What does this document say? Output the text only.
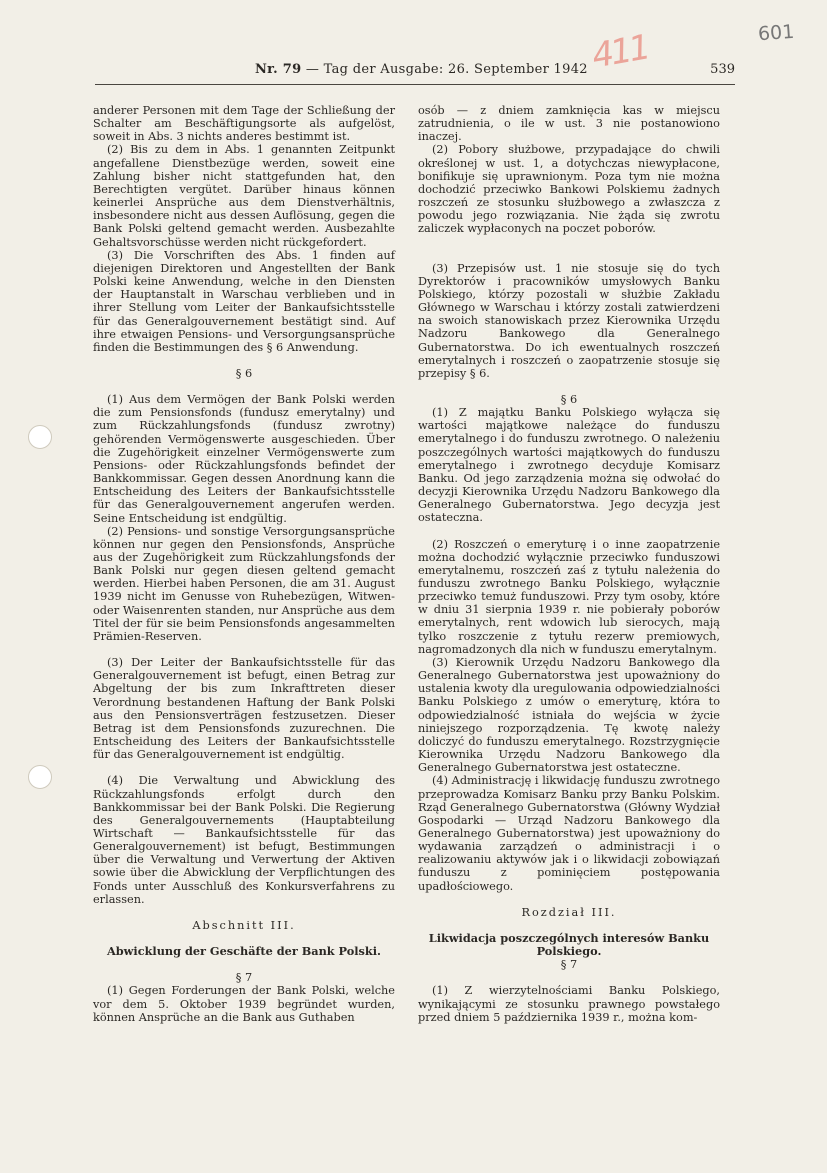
411	601
Nr. 79 — Tag der Ausgabe: 26. September 1942	539

anderer Personen mit dem Tage der Schließung der Schalter am Beschäftigungsorte als aufgelöst, soweit in Abs. 3 nichts anderes bestimmt ist.

(2) Bis zu dem in Abs. 1 genannten Zeitpunkt angefallene Dienstbezüge werden, soweit eine Zahlung bisher nicht stattgefunden hat, den Berechtigten vergütet. Darüber hinaus können keinerlei Ansprüche aus dem Dienstverhältnis, insbesondere nicht aus dessen Auflösung, gegen die Bank Polski geltend gemacht werden. Ausbezahlte Gehaltsvorschüsse werden nicht rückgefordert.

(3) Die Vorschriften des Abs. 1 finden auf diejenigen Direktoren und Angestellten der Bank Polski keine Anwendung, welche in den Diensten der Hauptanstalt in Warschau verblieben und in ihrer Stellung vom Leiter der Bankaufsichtsstelle für das Generalgouvernement bestätigt sind. Auf ihre etwaigen Pensions- und Versorgungsansprüche finden die Bestimmungen des § 6 Anwendung.

§ 6

(1) Aus dem Vermögen der Bank Polski werden die zum Pensionsfonds (fundusz emerytalny) und zum Rückzahlungsfonds (fundusz zwrotny) gehörenden Vermögenswerte ausgeschieden. Über die Zugehörigkeit einzelner Vermögenswerte zum Pensions- oder Rückzahlungsfonds befindet der Bankkommissar. Gegen dessen Anordnung kann die Entscheidung des Leiters der Bankaufsichtsstelle für das Generalgouvernement angerufen werden. Seine Entscheidung ist endgültig.

(2) Pensions- und sonstige Versorgungsansprüche können nur gegen den Pensionsfonds, Ansprüche aus der Zugehörigkeit zum Rückzahlungsfonds der Bank Polski nur gegen diesen geltend gemacht werden. Hierbei haben Personen, die am 31. August 1939 nicht im Genusse von Ruhebezügen, Witwen- oder Waisenrenten standen, nur Ansprüche aus dem Titel der für sie beim Pensionsfonds angesammelten Prämien-Reserven.

(3) Der Leiter der Bankaufsichtsstelle für das Generalgouvernement ist befugt, einen Betrag zur Abgeltung der bis zum Inkrafttreten dieser Verordnung bestandenen Haftung der Bank Polski aus den Pensionsverträgen festzusetzen. Dieser Betrag ist dem Pensionsfonds zuzurechnen. Die Entscheidung des Leiters der Bankaufsichtsstelle für das Generalgouvernement ist endgültig.

(4) Die Verwaltung und Abwicklung des Rückzahlungsfonds erfolgt durch den Bankkommissar bei der Bank Polski. Die Regierung des Generalgouvernements (Hauptabteilung Wirtschaft — Bankaufsichtsstelle für das Generalgouvernement) ist befugt, Bestimmungen über die Verwaltung und Verwertung der Aktiven sowie über die Abwicklung der Verpflichtungen des Fonds unter Ausschluß des Konkursverfahrens zu erlassen.

Abschnitt III.

Abwicklung der Geschäfte der Bank Polski.

§ 7

(1) Gegen Forderungen der Bank Polski, welche vor dem 5. Oktober 1939 begründet wurden, können Ansprüche an die Bank aus Guthaben

osób — z dniem zamknięcia kas w miejscu zatrudnienia, o ile w ust. 3 nie postanowiono inaczej.

(2) Pobory służbowe, przypadające do chwili określonej w ust. 1, a dotychczas niewypłacone, bonifikuje się uprawnionym. Poza tym nie można dochodzić przeciwko Bankowi Polskiemu żadnych roszczeń ze stosunku służbowego a zwłaszcza z powodu jego rozwiązania. Nie żąda się zwrotu zaliczek wypłaconych na poczet poborów.

(3) Przepisów ust. 1 nie stosuje się do tych Dyrektorów i pracowników umysłowych Banku Polskiego, którzy pozostali w służbie Zakładu Głównego w Warschau i którzy zostali zatwierdzeni na swoich stanowiskach przez Kierownika Urzędu Nadzoru Bankowego dla Generalnego Gubernatorstwa. Do ich ewentualnych roszczeń emerytalnych i roszczeń o zaopatrzenie stosuje się przepisy § 6.

§ 6

(1) Z majątku Banku Polskiego wyłącza się wartości majątkowe należące do funduszu emerytalnego i do funduszu zwrotnego. O należeniu poszczególnych wartości majątkowych do funduszu emerytalnego i zwrotnego decyduje Komisarz Banku. Od jego zarządzenia można się odwołać do decyzji Kierownika Urzędu Nadzoru Bankowego dla Generalnego Gubernatorstwa. Jego decyzja jest ostateczna.

(2) Roszczeń o emeryturę i o inne zaopatrzenie można dochodzić wyłącznie przeciwko funduszowi emerytalnemu, roszczeń zaś z tytułu należenia do funduszu zwrotnego Banku Polskiego, wyłącznie przeciwko temuż funduszowi. Przy tym osoby, które w dniu 31 sierpnia 1939 r. nie pobierały poborów emerytalnych, rent wdowich lub sierocych, mają tylko roszczenie z tytułu rezerw premiowych, nagromadzonych dla nich w funduszu emerytalnym.

(3) Kierownik Urzędu Nadzoru Bankowego dla Generalnego Gubernatorstwa jest upoważniony do ustalenia kwoty dla uregulowania odpowiedzialności Banku Polskiego z umów o emeryturę, która to odpowiedzialność istniała do wejścia w życie niniejszego rozporządzenia. Tę kwotę należy doliczyć do funduszu emerytalnego. Rozstrzygnięcie Kierownika Urzędu Nadzoru Bankowego dla Generalnego Gubernatorstwa jest ostateczne.

(4) Administrację i likwidację funduszu zwrotnego przeprowadza Komisarz Banku przy Banku Polskim. Rząd Generalnego Gubernatorstwa (Główny Wydział Gospodarki — Urząd Nadzoru Bankowego dla Generalnego Gubernatorstwa) jest upoważniony do wydawania zarządzeń o administracji i o realizowaniu aktywów jak i o likwidacji zobowiązań funduszu z pominięciem postępowania upadłościowego.

Rozdział III.

Likwidacja poszczególnych interesów Banku Polskiego.

§ 7

(1) Z wierzytelnościami Banku Polskiego, wynikającymi ze stosunku prawnego powstałego przed dniem 5 października 1939 r., można kom-
